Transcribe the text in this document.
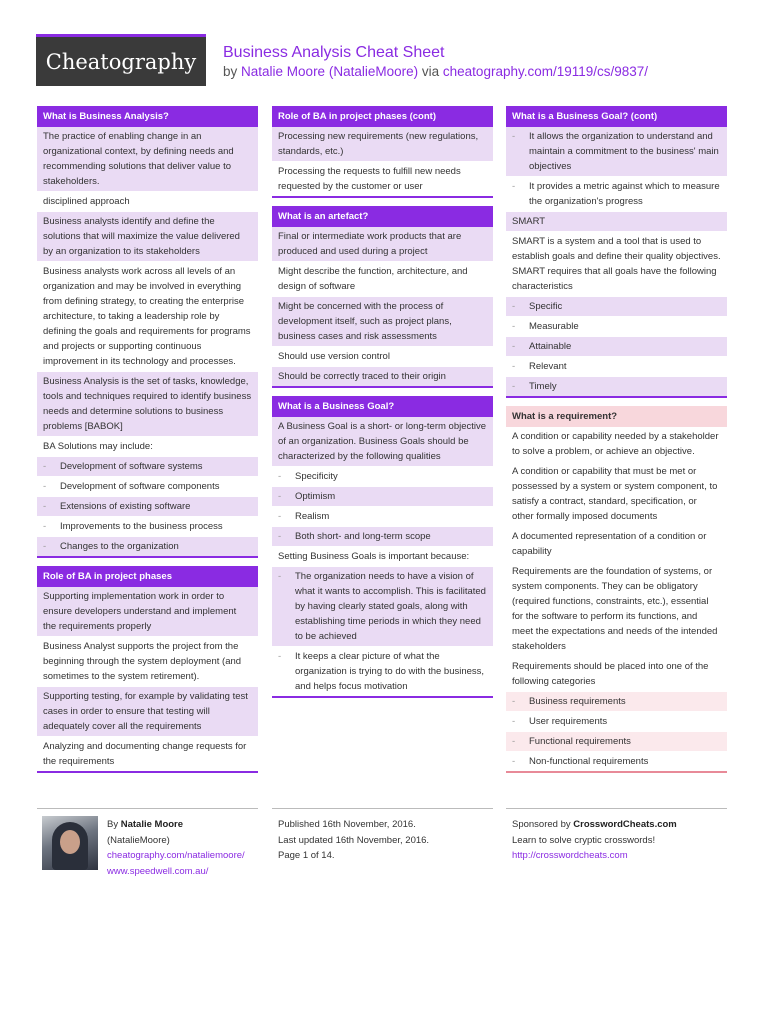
Cheatography	Business Analysis Cheat Sheet
by Natalie Moore (NatalieMoore) via cheatography.com/19119/cs/9837/
What is Business Analysis?
The practice of enabling change in an organizational context, by defining needs and recommending solutions that deliver value to stakeholders.
disciplined approach
Business analysts identify and define the solutions that will maximize the value delivered by an organization to its stakeholders
Business analysts work across all levels of an organization and may be involved in everything from defining strategy, to creating the enterprise architecture, to taking a leadership role by defining the goals and requirements for programs and projects or supporting continuous improvement in its technology and processes.
Business Analysis is the set of tasks, knowledge, tools and techniques required to identify business needs and determine solutions to business problems [BABOK]
BA Solutions may include:
-	Development of software systems
-	Development of software components
-	Extensions of existing software
-	Improvements to the business process
-	Changes to the organization
Role of BA in project phases
Supporting implementation work in order to ensure developers understand and implement the requirements properly
Business Analyst supports the project from the beginning through the system deployment (and sometimes to the system retirement).
Supporting testing, for example by validating test cases in order to ensure that testing will adequately cover all the requirements
Analyzing and documenting change requests for the requirements
Role of BA in project phases (cont)
Processing new requirements (new regulations, standards, etc.)
Processing the requests to fulfill new needs requested by the customer or user
What is an artefact?
Final or intermediate work products that are produced and used during a project
Might describe the function, architecture, and design of software
Might be concerned with the process of development itself, such as project plans, business cases and risk assessments
Should use version control
Should be correctly traced to their origin
What is a Business Goal?
A Business Goal is a short- or long-term objective of an organization. Business Goals should be characterized by the following qualities
-	Specificity
-	Optimism
-	Realism
-	Both short- and long-term scope
Setting Business Goals is important because:
-	The organization needs to have a vision of what it wants to accomplish. This is facilitated by having clearly stated goals, along with establishing time periods in which they need to be achieved
-	It keeps a clear picture of what the organization is trying to do with the business, and helps focus motivation
What is a Business Goal? (cont)
-	It allows the organization to understand and maintain a commitment to the business' main objectives
-	It provides a metric against which to measure the organization's progress
SMART
SMART is a system and a tool that is used to establish goals and define their quality objectives. SMART requires that all goals have the following characteristics
-	Specific
-	Measurable
-	Attainable
-	Relevant
-	Timely
What is a requirement?
A condition or capability needed by a stakeholder to solve a problem, or achieve an objective.
A condition or capability that must be met or possessed by a system or system component, to satisfy a contract, standard, specification, or other formally imposed documents
A documented representation of a condition or capability
Requirements are the foundation of systems, or system components. They can be obligatory (required functions, constraints, etc.), essential for the software to perform its functions, and meet the expectations and needs of the intended stakeholders
Requirements should be placed into one of the following categories
-	Business requirements
-	User requirements
-	Functional requirements
-	Non-functional requirements
By Natalie Moore
(NatalieMoore)
cheatography.com/nataliemoore/
www.speedwell.com.au/
Published 16th November, 2016.
Last updated 16th November, 2016.
Page 1 of 14.
Sponsored by CrosswordCheats.com
Learn to solve cryptic crosswords!
http://crosswordcheats.com
